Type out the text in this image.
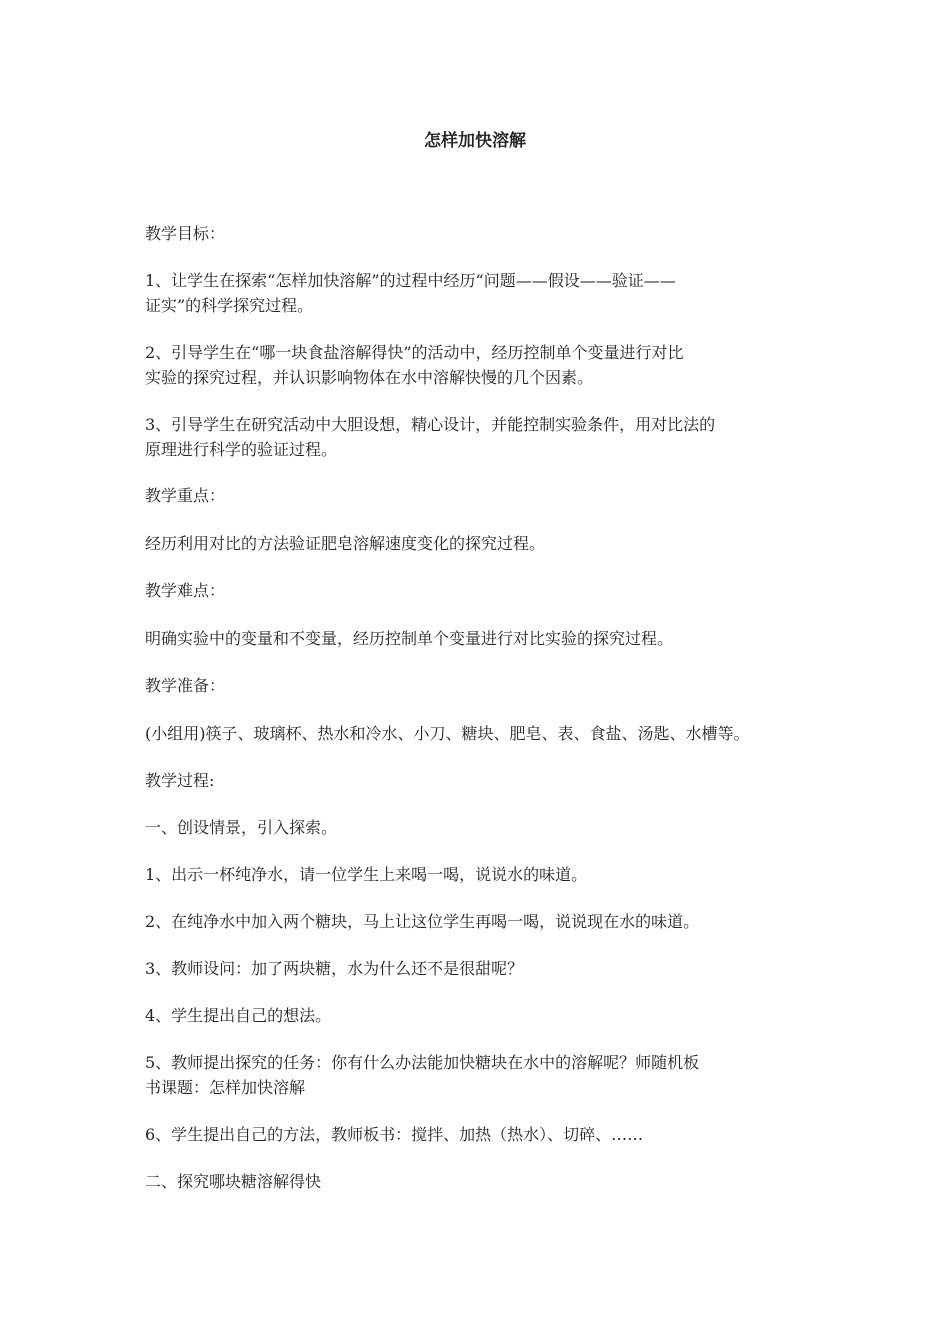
怎样加快溶解
教学目标：
1、让学生在探索“怎样加快溶解”的过程中经历“问题——假设——验证——
证实”的科学探究过程。
2、引导学生在“哪一块食盐溶解得快”的活动中，经历控制单个变量进行对比
实验的探究过程，并认识影响物体在水中溶解快慢的几个因素。
3、引导学生在研究活动中大胆设想，精心设计，并能控制实验条件，用对比法的
原理进行科学的验证过程。
教学重点：
经历利用对比的方法验证肥皂溶解速度变化的探究过程。
教学难点：
明确实验中的变量和不变量，经历控制单个变量进行对比实验的探究过程。
教学准备：
(小组用)筷子、玻璃杯、热水和冷水、小刀、糖块、肥皂、表、食盐、汤匙、水槽等。
教学过程:
一、创设情景，引入探索。
1、出示一杯纯净水，请一位学生上来喝一喝，说说水的味道。
2、在纯净水中加入两个糖块，马上让这位学生再喝一喝，说说现在水的味道。
3、教师设问：加了两块糖，水为什么还不是很甜呢？
4、学生提出自己的想法。
5、教师提出探究的任务：你有什么办法能加快糖块在水中的溶解呢？师随机板
书课题：怎样加快溶解
6、学生提出自己的方法，教师板书：搅拌、加热（热水）、切碎、……
二、探究哪块糖溶解得快
